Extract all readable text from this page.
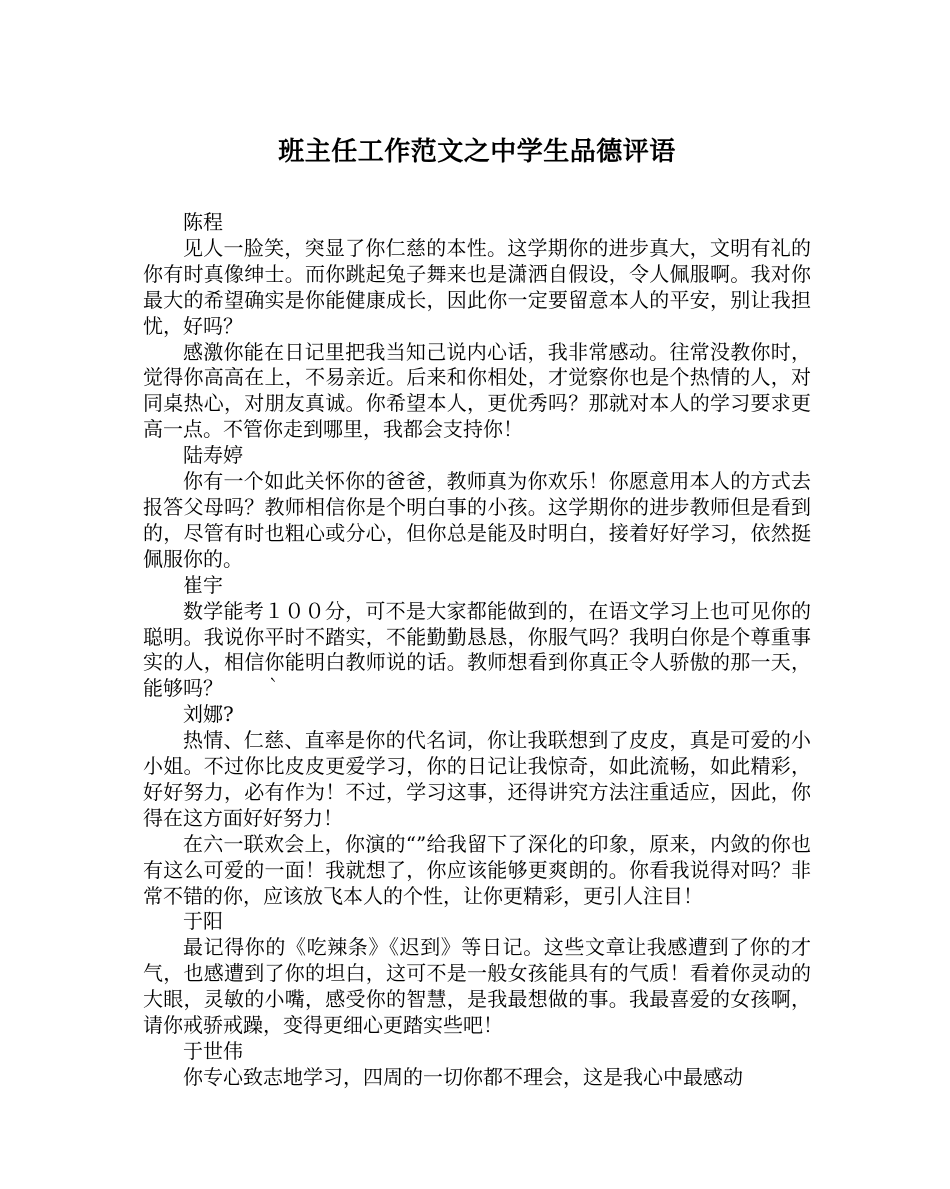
班主任工作范文之中学生品德评语

陈程

见人一脸笑，突显了你仁慈的本性。这学期你的进步真大，文明有礼的你有时真像绅士。而你跳起兔子舞来也是潇洒自假设，令人佩服啊。我对你最大的希望确实是你能健康成长，因此你一定要留意本人的平安，别让我担忧，好吗？

感激你能在日记里把我当知己说内心话，我非常感动。往常没教你时，觉得你高高在上，不易亲近。后来和你相处，才觉察你也是个热情的人，对同桌热心，对朋友真诚。你希望本人，更优秀吗？那就对本人的学习要求更高一点。不管你走到哪里，我都会支持你！

陆寿婷

你有一个如此关怀你的爸爸，教师真为你欢乐！你愿意用本人的方式去报答父母吗？教师相信你是个明白事的小孩。这学期你的进步教师但是看到的，尽管有时也粗心或分心，但你总是能及时明白，接着好好学习，依然挺佩服你的。

崔宇

数学能考１００分，可不是大家都能做到的，在语文学习上也可见你的聪明。我说你平时不踏实，不能勤勤恳恳，你服气吗？我明白你是个尊重事实的人，相信你能明白教师说的话。教师想看到你真正令人骄傲的那一天，能够吗？　　｀

刘娜?

热情、仁慈、直率是你的代名词，你让我联想到了皮皮，真是可爱的小小姐。不过你比皮皮更爱学习，你的日记让我惊奇，如此流畅，如此精彩，好好努力，必有作为！不过，学习这事，还得讲究方法注重适应，因此，你得在这方面好好努力！

在六一联欢会上，你演的“”给我留下了深化的印象，原来，内敛的你也有这么可爱的一面！我就想了，你应该能够更爽朗的。你看我说得对吗？非常不错的你，应该放飞本人的个性，让你更精彩，更引人注目！

于阳

最记得你的《吃辣条》《迟到》等日记。这些文章让我感遭到了你的才气，也感遭到了你的坦白，这可不是一般女孩能具有的气质！看着你灵动的大眼，灵敏的小嘴，感受你的智慧，是我最想做的事。我最喜爱的女孩啊，请你戒骄戒躁，变得更细心更踏实些吧！

于世伟

你专心致志地学习，四周的一切你都不理会，这是我心中最感动
